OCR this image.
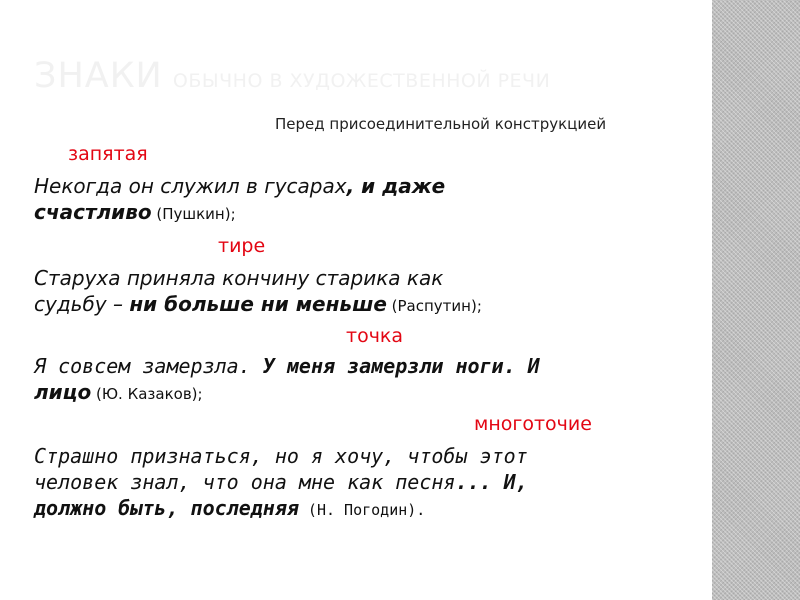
ЗНАКИ ОБЫЧНО В ХУДОЖЕСТВЕННОЙ РЕЧИ

Перед присоединительной конструкцией

запятая

Некогда он служил в гусарах, и даже

счастливо (Пушкин);

тире

Старуха приняла кончину старика как

судьбу – ни больше ни меньше (Распутин);

точка

Я совсем замерзла. У меня замерзли ноги. И

лицо (Ю. Казаков);

многоточие

Страшно признаться, но я хочу, чтобы этот

человек знал, что она мне как песня... И,

должно быть, последняя (Н. Погодин).
